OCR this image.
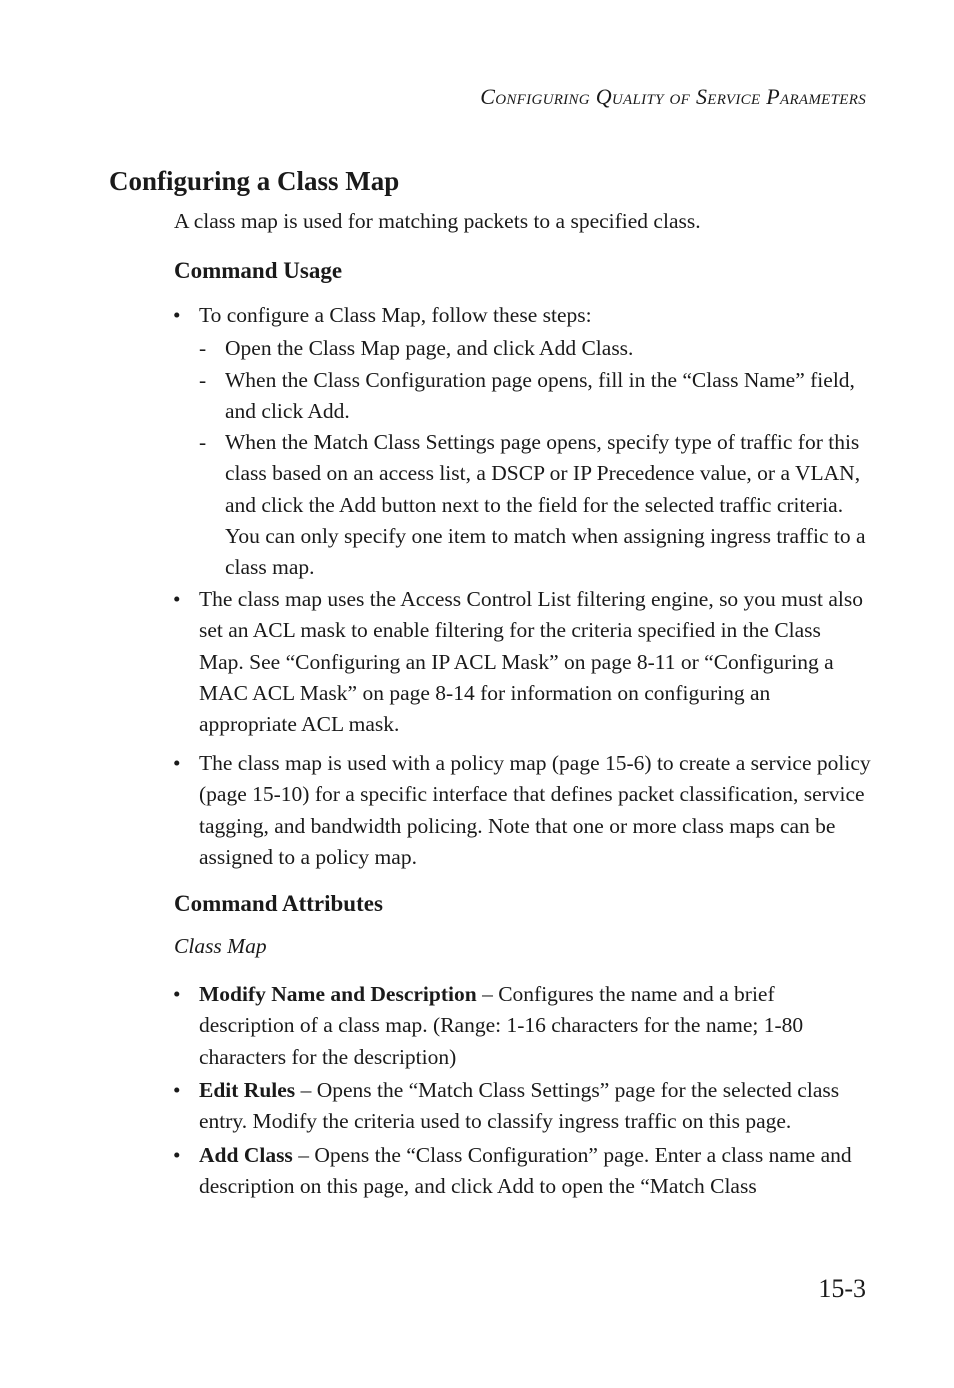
Configuring Quality of Service Parameters
Configuring a Class Map

A class map is used for matching packets to a specified class.

Command Usage
• To configure a Class Map, follow these steps:
- Open the Class Map page, and click Add Class.
- When the Class Configuration page opens, fill in the “Class Name” field, and click Add.
- When the Match Class Settings page opens, specify type of traffic for this class based on an access list, a DSCP or IP Precedence value, or a VLAN, and click the Add button next to the field for the selected traffic criteria. You can only specify one item to match when assigning ingress traffic to a class map.
• The class map uses the Access Control List filtering engine, so you must also set an ACL mask to enable filtering for the criteria specified in the Class Map. See “Configuring an IP ACL Mask” on page 8-11 or “Configuring a MAC ACL Mask” on page 8-14 for information on configuring an appropriate ACL mask.
• The class map is used with a policy map (page 15-6) to create a service policy (page 15-10) for a specific interface that defines packet classification, service tagging, and bandwidth policing. Note that one or more class maps can be assigned to a policy map.
Command Attributes

Class Map

• Modify Name and Description – Configures the name and a brief description of a class map. (Range: 1-16 characters for the name; 1-80 characters for the description)
• Edit Rules – Opens the “Match Class Settings” page for the selected class entry. Modify the criteria used to classify ingress traffic on this page.
• Add Class – Opens the “Class Configuration” page. Enter a class name and description on this page, and click Add to open the “Match Class
15-3
